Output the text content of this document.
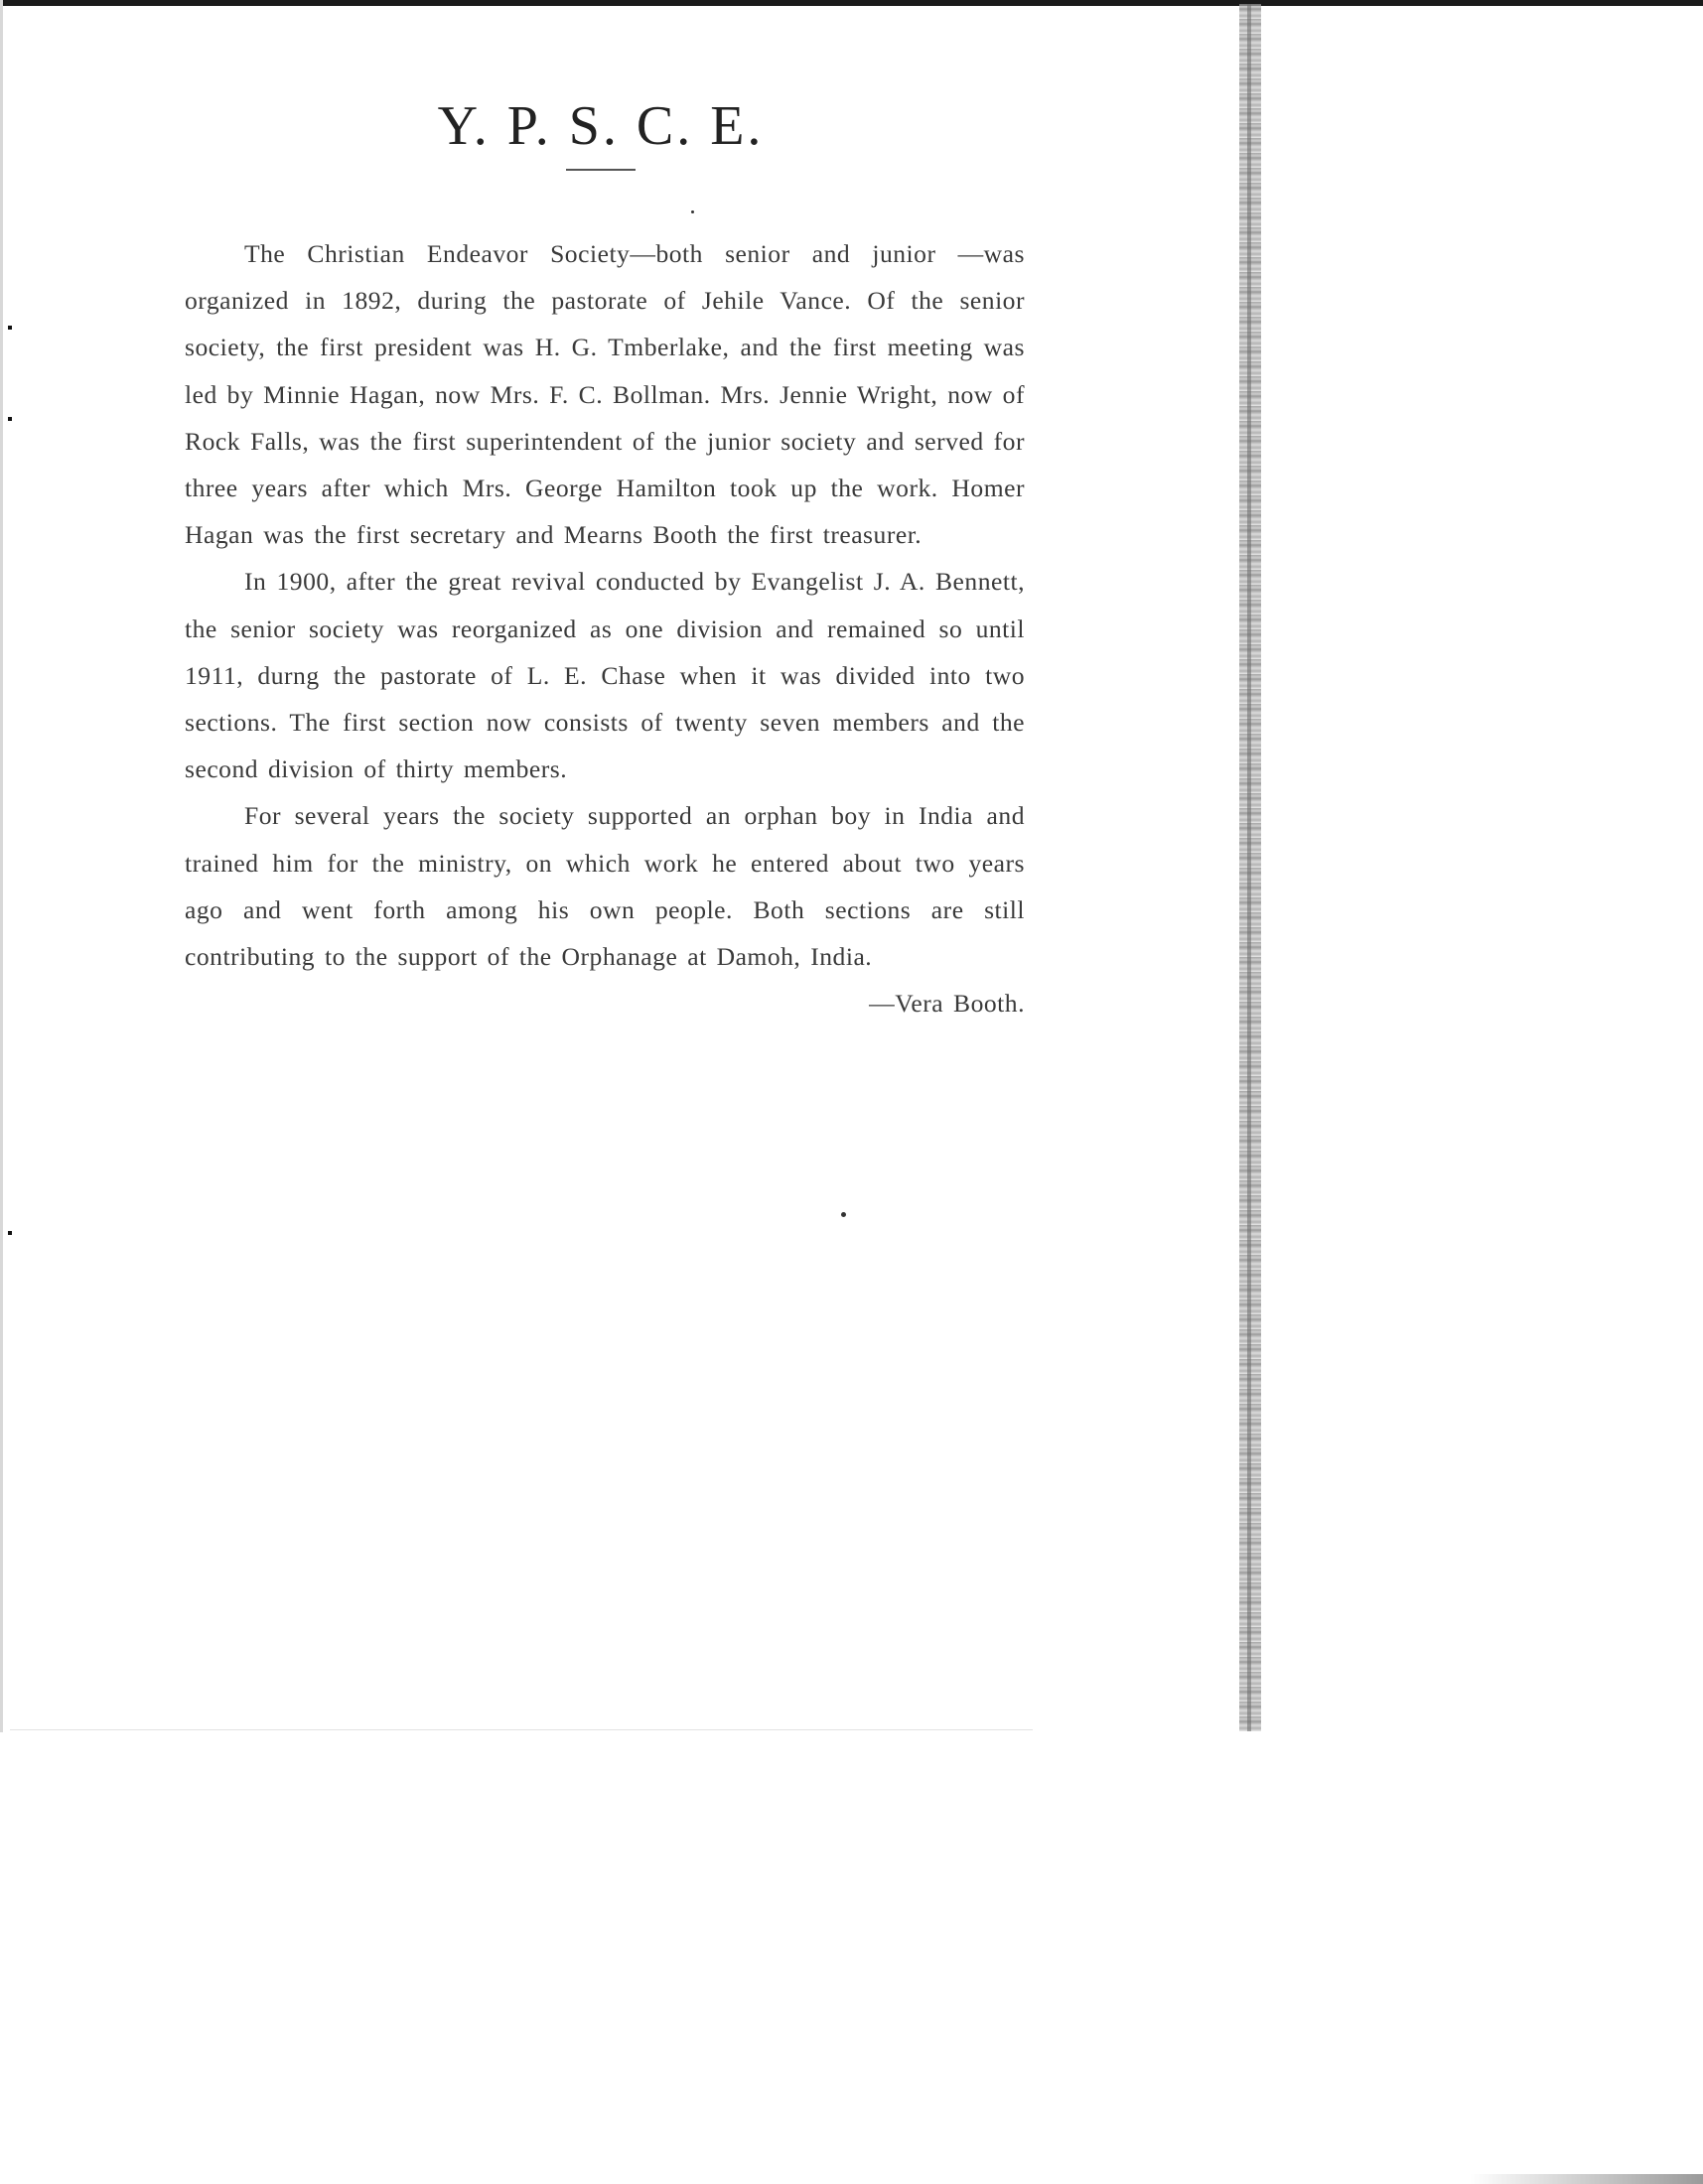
Y. P. S. C. E.

The Christian Endeavor Society—both senior and junior —was organized in 1892, during the pastorate of Jehile Vance. Of the senior society, the first president was H. G. Tmberlake, and the first meeting was led by Minnie Hagan, now Mrs. F. C. Bollman. Mrs. Jennie Wright, now of Rock Falls, was the first superintendent of the junior society and served for three years after which Mrs. George Hamilton took up the work. Homer Hagan was the first secretary and Mearns Booth the first treasurer.

In 1900, after the great revival conducted by Evangelist J. A. Bennett, the senior society was reorganized as one division and remained so until 1911, durng the pastorate of L. E. Chase when it was divided into two sections. The first section now consists of twenty seven members and the second division of thirty members.

For several years the society supported an orphan boy in India and trained him for the ministry, on which work he entered about two years ago and went forth among his own people. Both sections are still contributing to the support of the Orphanage at Damoh, India.
—Vera Booth.
